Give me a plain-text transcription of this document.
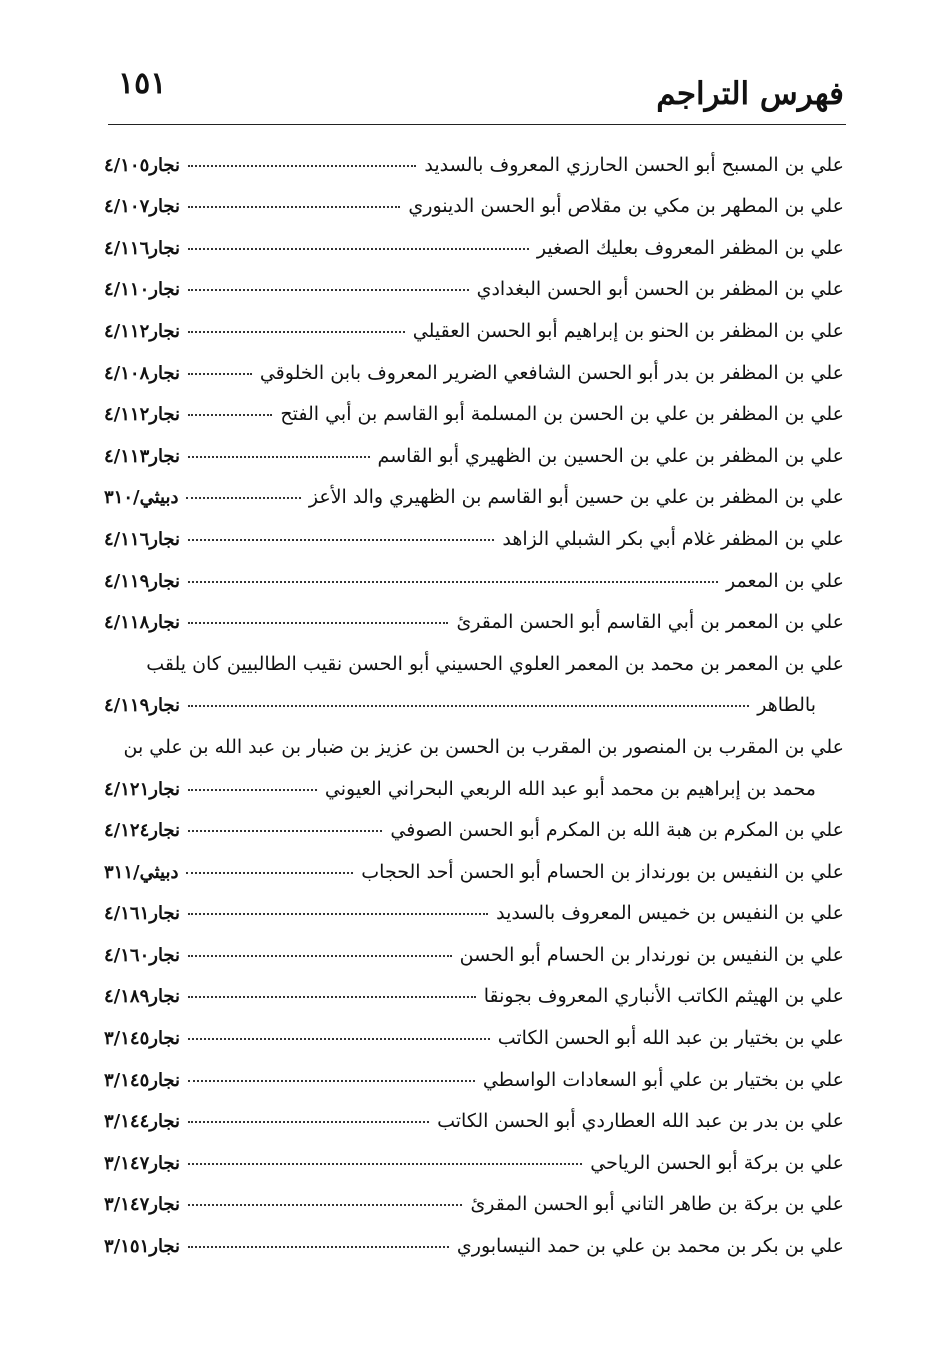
فهرس التراجم
١٥١
علي بن المسبح أبو الحسن الحارزي المعروف بالسديد
نجار٤/١٠٥
علي بن المطهر بن مكي بن مقلاص أبو الحسن الدينوري
نجار٤/١٠٧
علي بن المظفر المعروف بعليك الصغير
نجار٤/١١٦
علي بن المظفر بن الحسن أبو الحسن البغدادي
نجار٤/١١٠
علي بن المظفر بن الحنو بن إبراهيم أبو الحسن العقيلي
نجار٤/١١٢
علي بن المظفر بن بدر أبو الحسن الشافعي الضرير المعروف بابن الخلوقي
نجار٤/١٠٨
علي بن المظفر بن علي بن الحسن بن المسلمة أبو القاسم بن أبي الفتح
نجار٤/١١٢
علي بن المظفر بن علي بن الحسين بن الظهيري أبو القاسم
نجار٤/١١٣
علي بن المظفر بن علي بن حسين أبو القاسم بن الظهيري والد الأعز
دبيثي/٣١٠
علي بن المظفر غلام أبي بكر الشبلي الزاهد
نجار٤/١١٦
علي بن المعمر
نجار٤/١١٩
علي بن المعمر بن أبي القاسم أبو الحسن المقرئ
نجار٤/١١٨
علي بن المعمر بن محمد بن المعمر العلوي الحسيني أبو الحسن نقيب الطالبيين كان يلقب
بالطاهر
نجار٤/١١٩
علي بن المقرب بن المنصور بن المقرب بن الحسن بن عزيز بن ضبار بن عبد الله بن علي بن
محمد بن إبراهيم بن محمد أبو عبد الله الربعي البحراني العيوني
نجار٤/١٢١
علي بن المكرم بن هبة الله بن المكرم أبو الحسن الصوفي
نجار٤/١٢٤
علي بن النفيس بن بورنداز بن الحسام أبو الحسن أحد الحجاب
دبيثي/٣١١
علي بن النفيس بن خميس المعروف بالسديد
نجار٤/١٦١
علي بن النفيس بن نورندار بن الحسام أبو الحسن
نجار٤/١٦٠
علي بن الهيثم الكاتب الأنباري المعروف بجونقا
نجار٤/١٨٩
علي بن بختيار بن عبد الله أبو الحسن الكاتب
نجار٣/١٤٥
علي بن بختيار بن علي أبو السعادات الواسطي
نجار٣/١٤٥
علي بن بدر بن عبد الله العطاردي أبو الحسن الكاتب
نجار٣/١٤٤
علي بن بركة أبو الحسن الرياحي
نجار٣/١٤٧
علي بن بركة بن طاهر التاني أبو الحسن المقرئ
نجار٣/١٤٧
علي بن بكر بن محمد بن علي بن حمد النيسابوري
نجار٣/١٥١
